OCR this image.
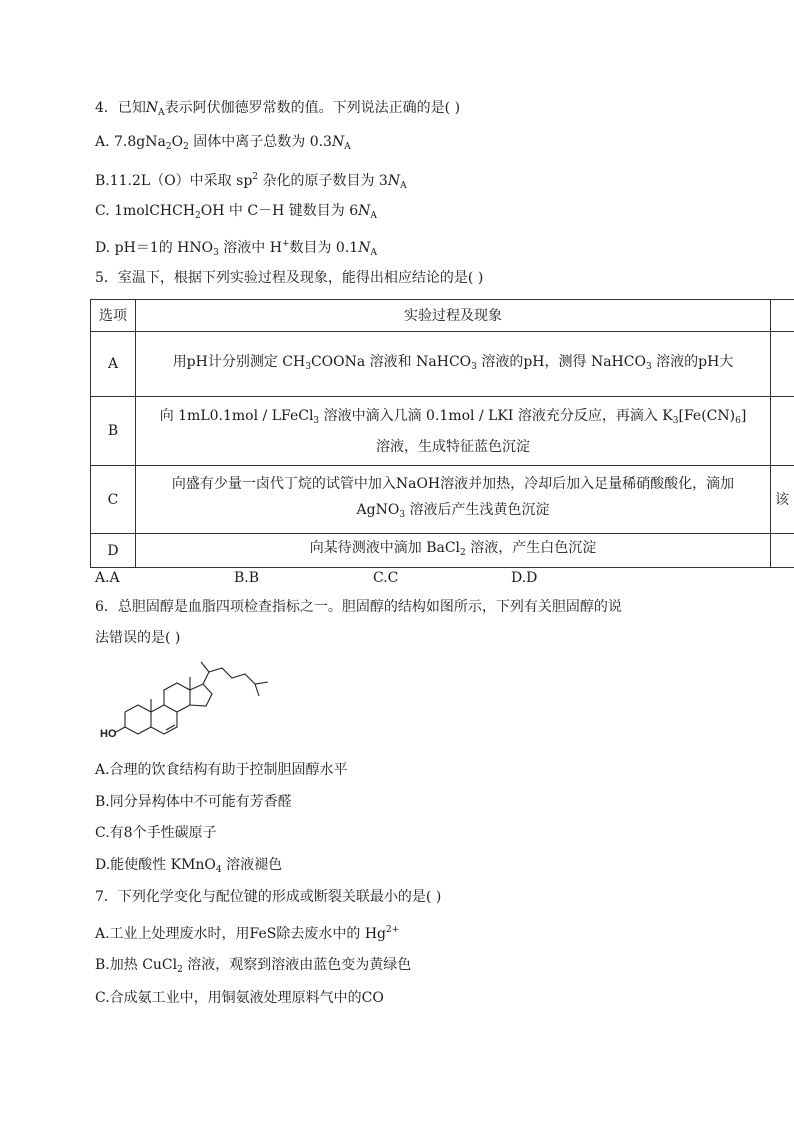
4．已知$N_A$表示阿伏伽德罗常数的值。下列说法正确的是( )
A. $7.8gNa_2O_2$ 固体中离子总数为 $0.3N_A$
B.11.2L（O）中采取 $sp^2$ 杂化的原子数目为 $3N_A$
C. 1molCHCH$_2$OH 中 C－H 键数目为 $6N_A$
D. pH＝1的 $HNO_3$ 溶液中 H+数目为 $0.1N_A$
5．室温下，根据下列实验过程及现象，能得出相应结论的是( )
选项	实验过程及现象	
A	用pH计分别测定 $CH_3COONa$ 溶液和 NaHCO$_3$ 溶液的pH，测得 NaHCO$_3$ 溶液的pH大	
B	向 1mL0.1mol / LFeCl$_3$ 溶液中滴入几滴 0.1mol / LKI 溶液充分反应，再滴入 $K_3[Fe(CN)_6]$
溶液，生成特征蓝色沉淀	

C	向盛有少量一卤代丁烷的试管中加入NaOH溶液并加热，冷却后加入足量稀硝酸酸化，滴加
AgNO$_3$ 溶液后产生浅黄色沉淀	该
D	向某待测液中滴加 BaCl$_2$ 溶液，产生白色沉淀	
A.A	B.B	C.C	D.D
6．总胆固醇是血脂四项检查指标之一。胆固醇的结构如图所示，下列有关胆固醇的说
法错误的是( )
HO
A.合理的饮食结构有助于控制胆固醇水平
B.同分异构体中不可能有芳香醛
C.有8个手性碳原子
D.能使酸性 KMnO$_4$ 溶液褪色
7．下列化学变化与配位键的形成或断裂关联最小的是( )
A.工业上处理废水时，用FeS除去废水中的 $Hg^{2+}$
B.加热 CuCl$_2$ 溶液，观察到溶液由蓝色变为黄绿色
C.合成氨工业中，用铜氨液处理原料气中的CO
